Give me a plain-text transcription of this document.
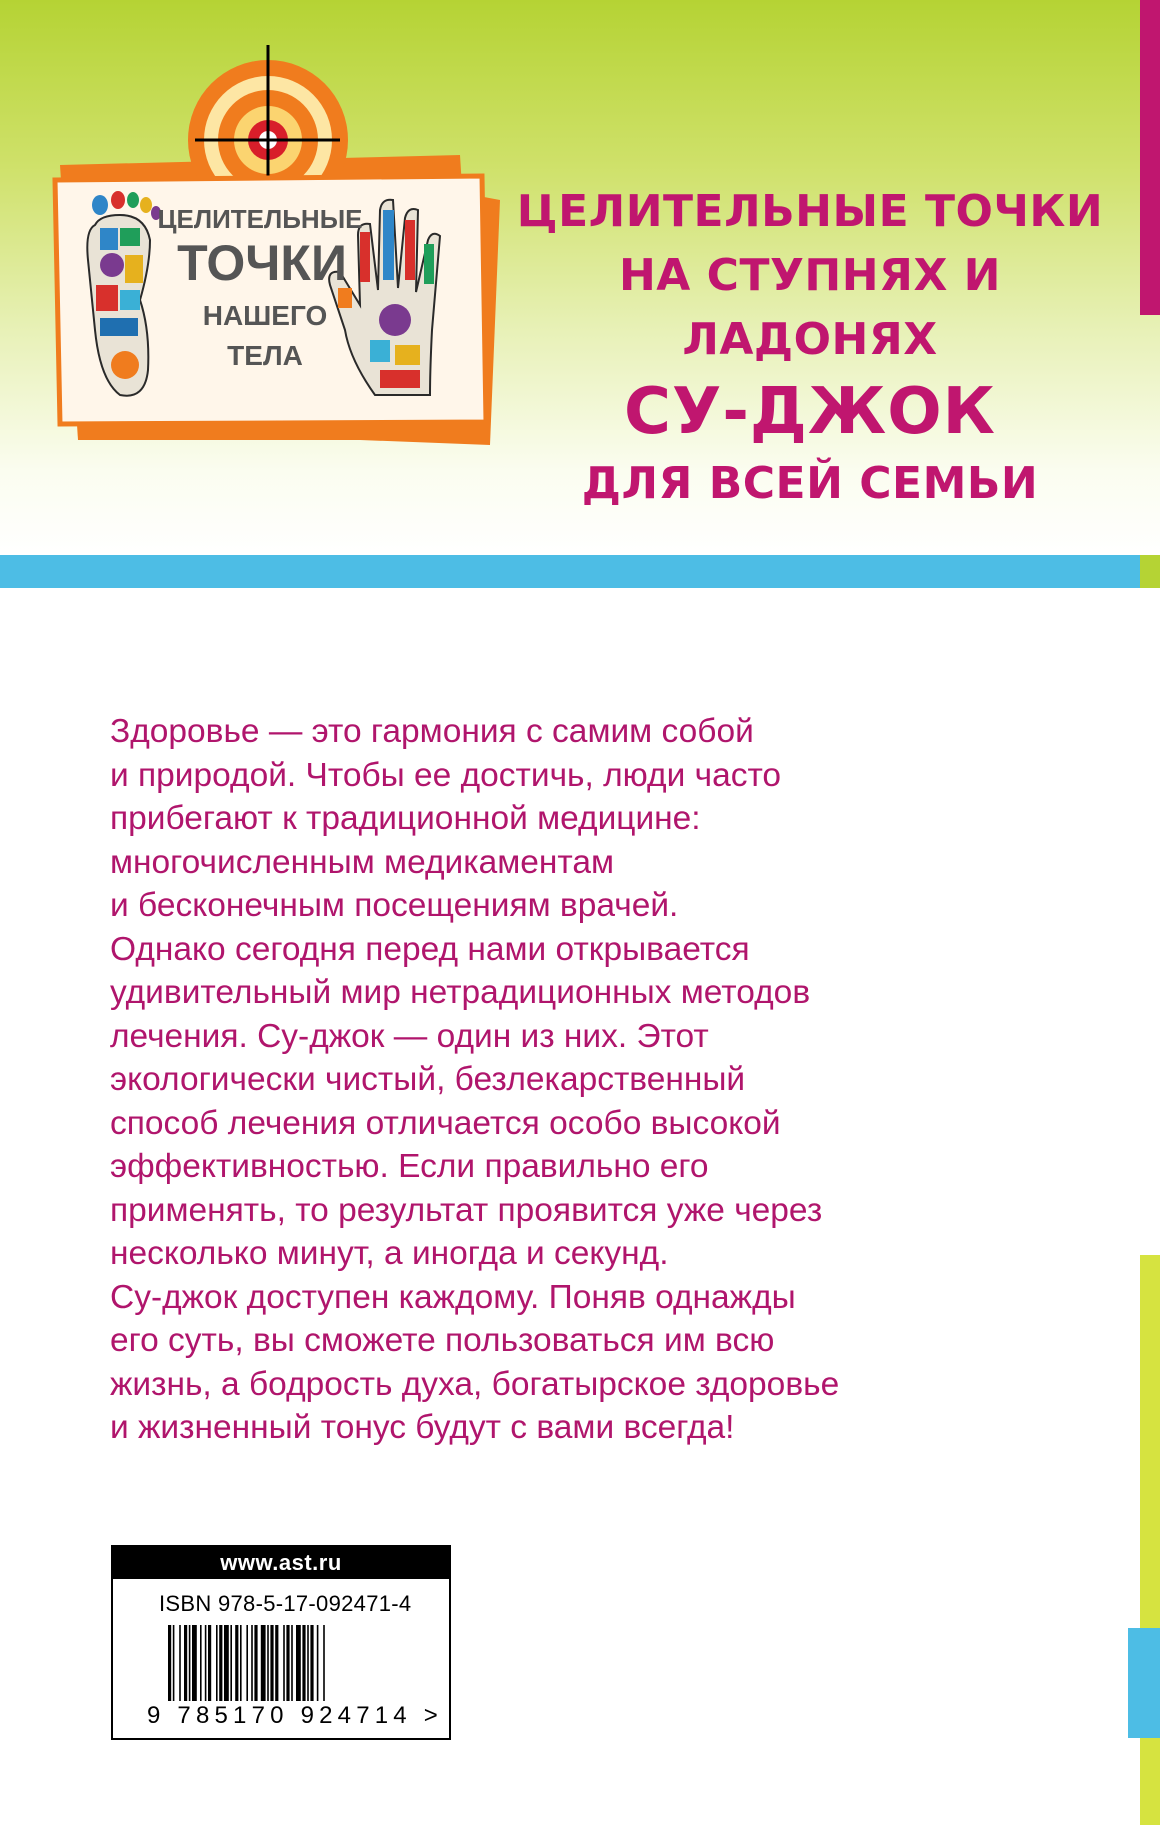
ЦЕЛИТЕЛЬНЫЕ
ТОЧКИ
НАШЕГО
ТЕЛА
ЦЕЛИТЕЛЬНЫЕ ТОЧКИ
НА СТУПНЯХ И ЛАДОНЯХ
СУ-ДЖОК
ДЛЯ ВСЕЙ СЕМЬИ

Здоровье — это гармония с самим собой
и природой. Чтобы ее достичь, люди часто
прибегают к традиционной медицине:
многочисленным медикаментам
и бесконечным посещениям врачей.
Однако сегодня перед нами открывается
удивительный мир нетрадиционных методов
лечения. Су-джок — один из них. Этот
экологически чистый, безлекарственный
способ лечения отличается особо высокой
эффективностью. Если правильно его
применять, то результат проявится уже через
несколько минут, а иногда и секунд.
Су-джок доступен каждому. Поняв однажды
его суть, вы сможете пользоваться им всю
жизнь, а бодрость духа, богатырское здоровье
и жизненный тонус будут с вами всегда!

www.ast.ru
ISBN 978-5-17-092471-4
9 785170 924714 >
